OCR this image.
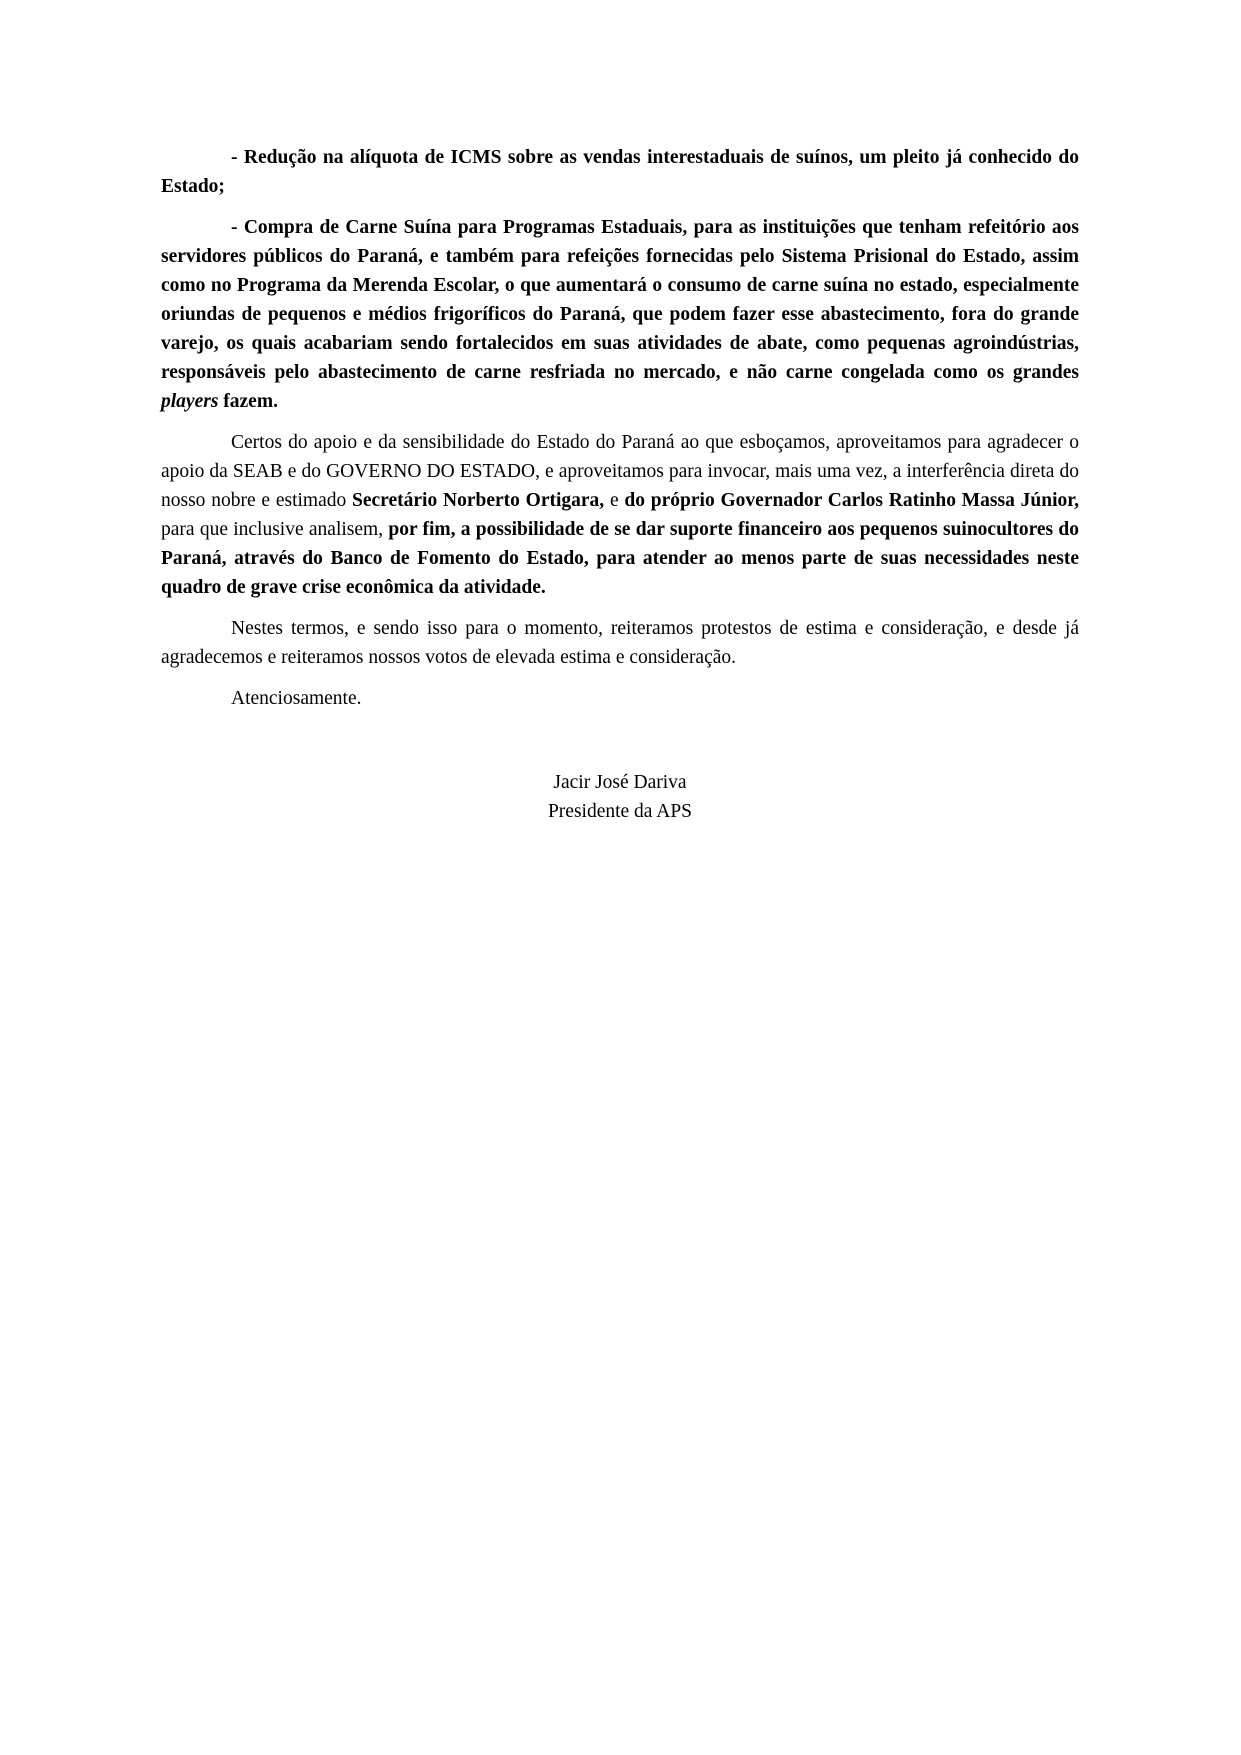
- Redução na alíquota de ICMS sobre as vendas interestaduais de suínos, um pleito já conhecido do Estado;

- Compra de Carne Suína para Programas Estaduais, para as instituições que tenham refeitório aos servidores públicos do Paraná, e também para refeições fornecidas pelo Sistema Prisional do Estado, assim como no Programa da Merenda Escolar, o que aumentará o consumo de carne suína no estado, especialmente oriundas de pequenos e médios frigoríficos do Paraná, que podem fazer esse abastecimento, fora do grande varejo, os quais acabariam sendo fortalecidos em suas atividades de abate, como pequenas agroindústrias, responsáveis pelo abastecimento de carne resfriada no mercado, e não carne congelada como os grandes players fazem.

Certos do apoio e da sensibilidade do Estado do Paraná ao que esboçamos, aproveitamos para agradecer o apoio da SEAB e do GOVERNO DO ESTADO, e aproveitamos para invocar, mais uma vez, a interferência direta do nosso nobre e estimado Secretário Norberto Ortigara, e do próprio Governador Carlos Ratinho Massa Júnior, para que inclusive analisem, por fim, a possibilidade de se dar suporte financeiro aos pequenos suinocultores do Paraná, através do Banco de Fomento do Estado, para atender ao menos parte de suas necessidades neste quadro de grave crise econômica da atividade.

Nestes termos, e sendo isso para o momento, reiteramos protestos de estima e consideração, e desde já agradecemos e reiteramos nossos votos de elevada estima e consideração.

Atenciosamente.

Jacir José Dariva
Presidente da APS
